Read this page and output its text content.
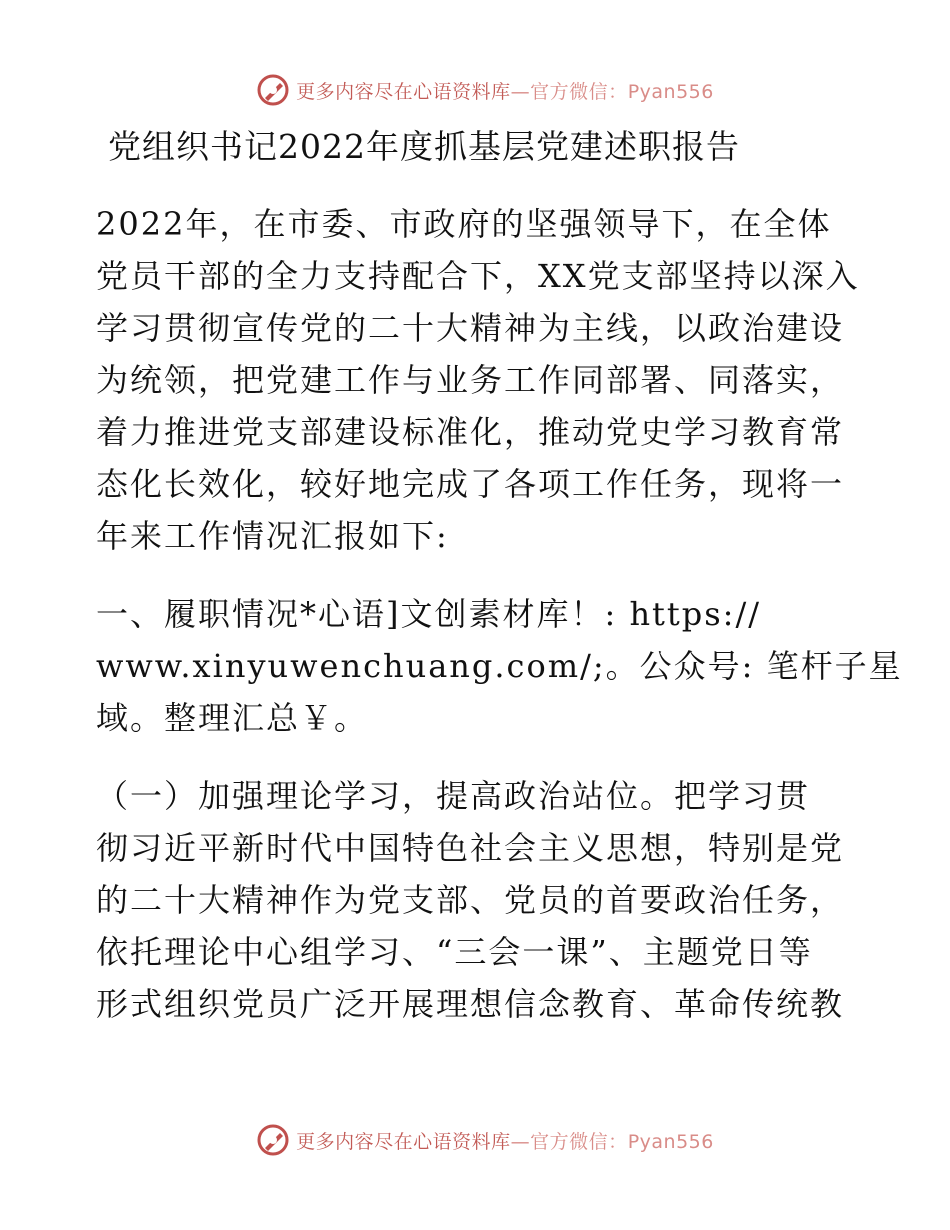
更多内容尽在心语资料库—官方微信：Pyan556
党组织书记2022年度抓基层党建述职报告
2022年，在市委、市政府的坚强领导下，在全体
党员干部的全力支持配合下，XX党支部坚持以深入
学习贯彻宣传党的二十大精神为主线，以政治建设
为统领，把党建工作与业务工作同部署、同落实，
着力推进党支部建设标准化，推动党史学习教育常
态化长效化，较好地完成了各项工作任务，现将一
年来工作情况汇报如下:
一、履职情况*心语]文创素材库！: https://
www.xinyuwenchuang.com/;。公众号: 笔杆子星
域。整理汇总￥。
（一）加强理论学习，提高政治站位。把学习贯
彻习近平新时代中国特色社会主义思想，特别是党
的二十大精神作为党支部、党员的首要政治任务，
依托理论中心组学习、“三会一课”、主题党日等
形式组织党员广泛开展理想信念教育、革命传统教
更多内容尽在心语资料库—官方微信：Pyan556
